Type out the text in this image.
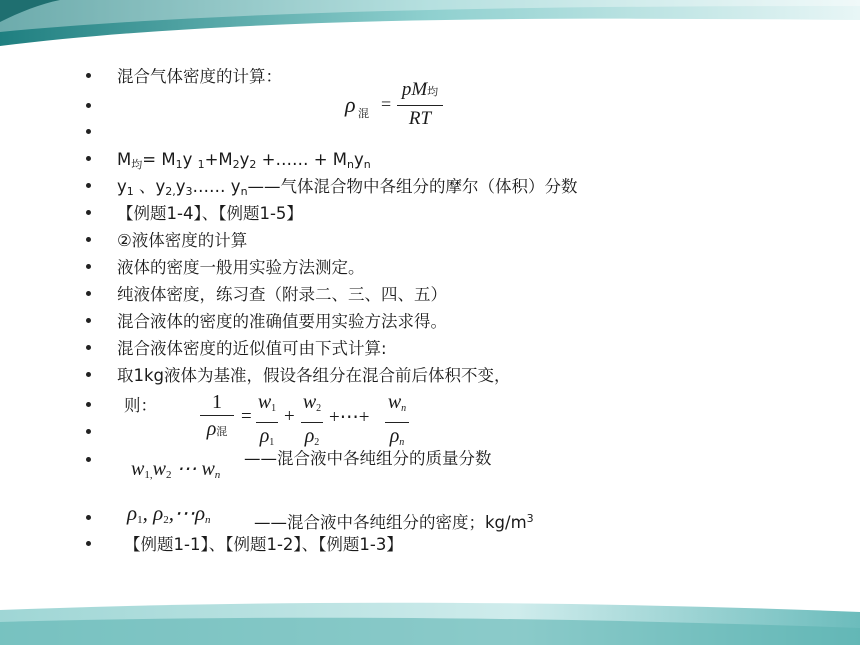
混合气体密度的计算：
ρ 混 =
pM均
RT
$M_均= M_1y$ $_1+M_2y_2$ +…… + $M_ny_n$
$y_1$ 、$y_{2,}y_3\dots\dots$ $y_n——$气体混合物中各组分的摩尔（体积）分数
【例题1-4】、【例题1-5】
②液体密度的计算
液体的密度一般用实验方法测定。
纯液体密度，练习查（附录二、三、四、五）
混合液体的密度的准确值要用实验方法求得。
混合液体密度的近似值可由下式计算:
取1kg液体为基准，假设各组分在混合前后体积不变，
则：	1
ρ混
=
$w_1$
$\rho_1$
+
$w_2$
$\rho_2$
+⋯+
$w_n$
$\rho_n$
——混合液中各纯组分的质量分数
$w_{1,}w_2$ ⋯ $w_n$
$\rho_1$, $\rho_2,\cdots\rho_n$	——混合液中各纯组分的密度；$kg/m^3$
【例题1-1】、【例题1-2】、【例题1-3】
